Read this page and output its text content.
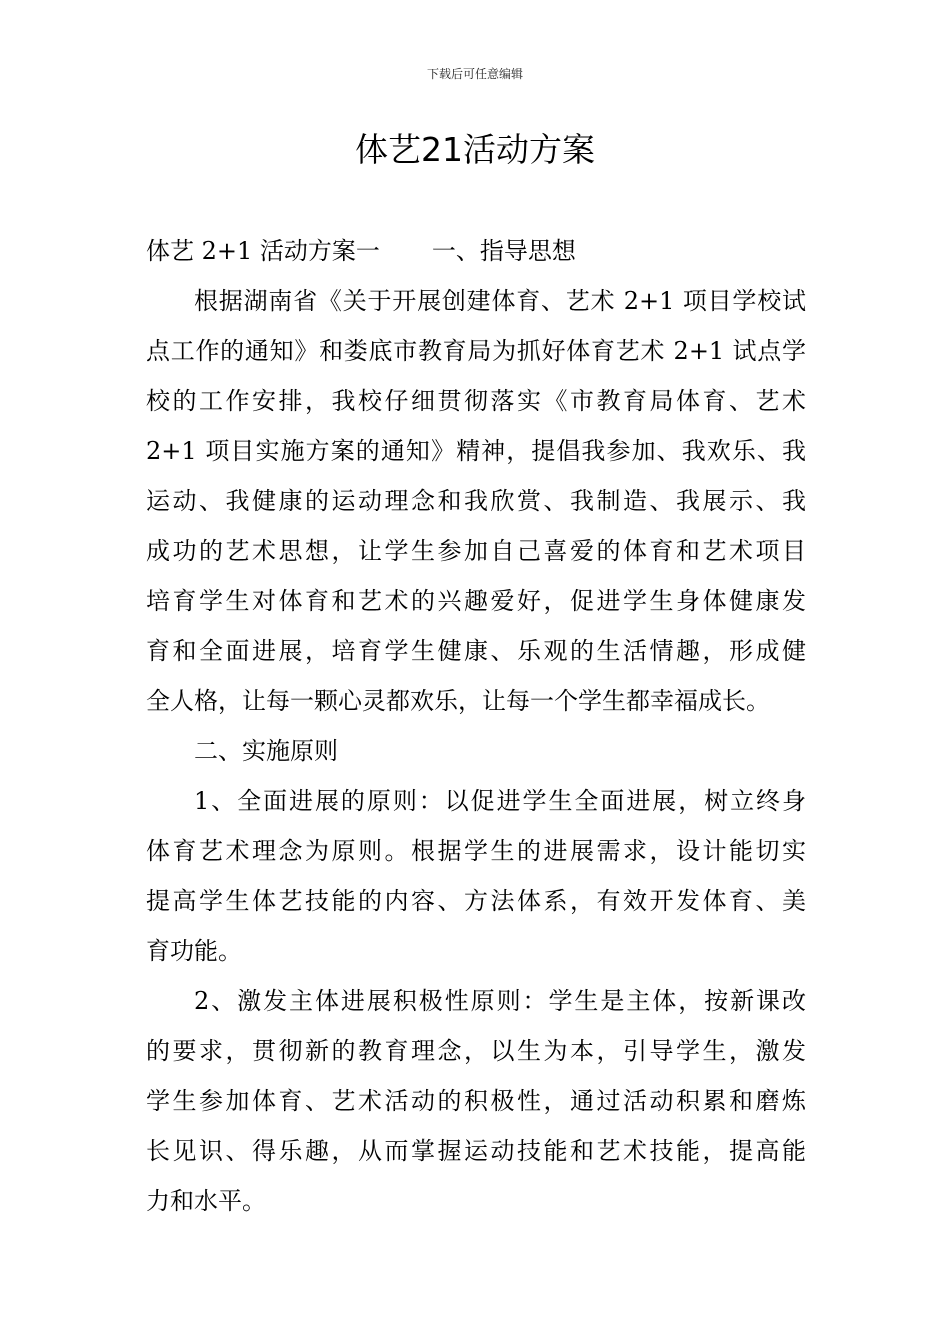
下载后可任意编辑
体艺21活动方案
体艺 2+1 活动方案一 一、指导思想
根据湖南省《关于开展创建体育、艺术 2+1 项目学校试
点工作的通知》和娄底市教育局为抓好体育艺术 2+1 试点学
校的工作安排，我校仔细贯彻落实《市教育局体育、艺术
2+1 项目实施方案的通知》精神，提倡我参加、我欢乐、我
运动、我健康的运动理念和我欣赏、我制造、我展示、我
成功的艺术思想，让学生参加自己喜爱的体育和艺术项目
培育学生对体育和艺术的兴趣爱好，促进学生身体健康发
育和全面进展，培育学生健康、乐观的生活情趣，形成健
全人格，让每一颗心灵都欢乐，让每一个学生都幸福成长。
二、实施原则
1、全面进展的原则：以促进学生全面进展，树立终身
体育艺术理念为原则。根据学生的进展需求，设计能切实
提高学生体艺技能的内容、方法体系，有效开发体育、美
育功能。
2、激发主体进展积极性原则：学生是主体，按新课改
的要求，贯彻新的教育理念，以生为本，引导学生，激发
学生参加体育、艺术活动的积极性，通过活动积累和磨炼
长见识、得乐趣，从而掌握运动技能和艺术技能，提高能
力和水平。
